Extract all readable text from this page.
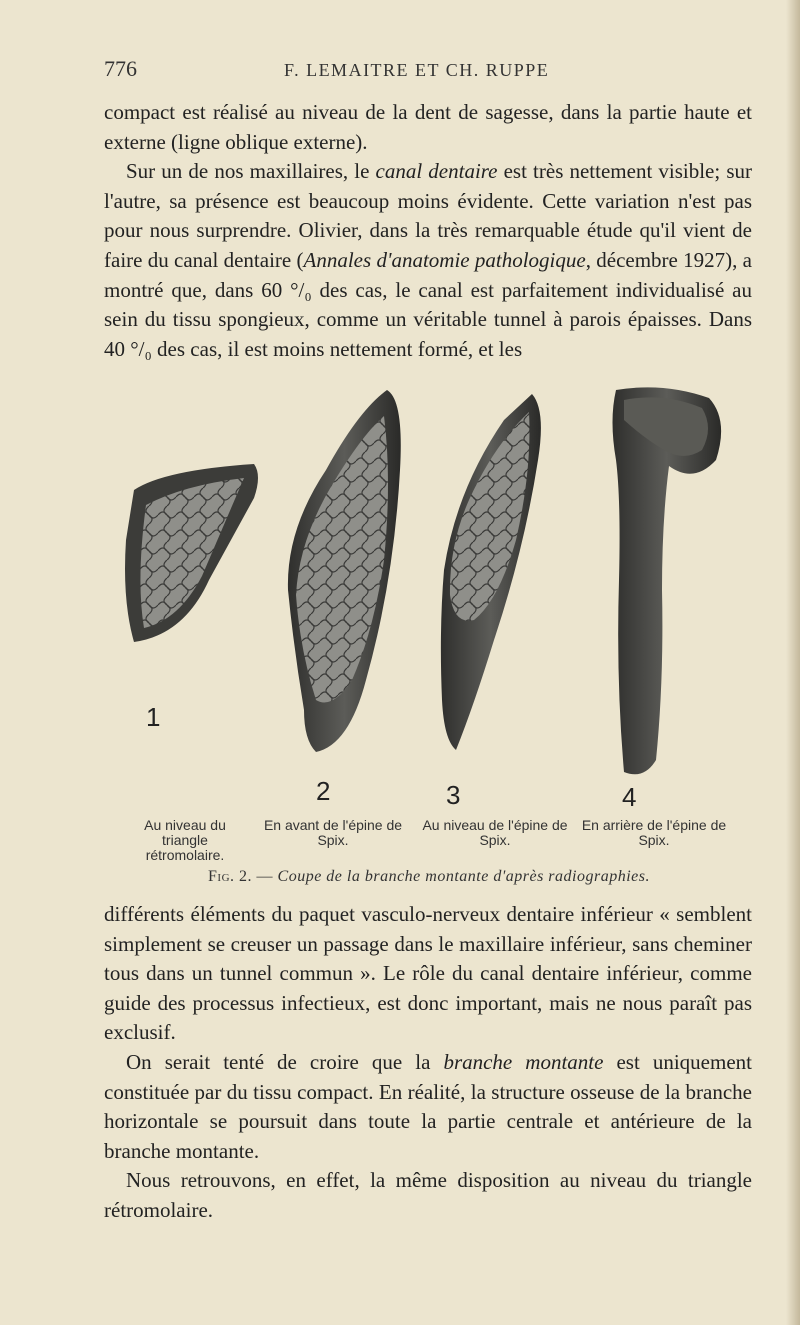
776	F. LEMAITRE ET CH. RUPPE

compact est réalisé au niveau de la dent de sagesse, dans la partie haute et externe (ligne oblique externe).

Sur un de nos maxillaires, le canal dentaire est très nettement visible; sur l'autre, sa présence est beaucoup moins évidente. Cette variation n'est pas pour nous surprendre. Olivier, dans la très remarquable étude qu'il vient de faire du canal dentaire (Annales d'anatomie pathologique, décembre 1927), a montré que, dans 60 °/₀ des cas, le canal est parfaitement individualisé au sein du tissu spongieux, comme un véritable tunnel à parois épaisses. Dans 40 °/₀ des cas, il est moins nettement formé, et les

1
2	3	4
Au niveau du triangle rétromolaire.
En avant de l'épine de Spix.
Au niveau de l'épine de Spix.
En arrière de l'épine de Spix.
Fig. 2. — Coupe de la branche montante d'après radiographies.

différents éléments du paquet vasculo-nerveux dentaire inférieur « semblent simplement se creuser un passage dans le maxillaire inférieur, sans cheminer tous dans un tunnel commun ». Le rôle du canal dentaire inférieur, comme guide des processus infectieux, est donc important, mais ne nous paraît pas exclusif.

On serait tenté de croire que la branche montante est uniquement constituée par du tissu compact. En réalité, la structure osseuse de la branche horizontale se poursuit dans toute la partie centrale et antérieure de la branche montante.

Nous retrouvons, en effet, la même disposition au niveau du triangle rétromolaire.
